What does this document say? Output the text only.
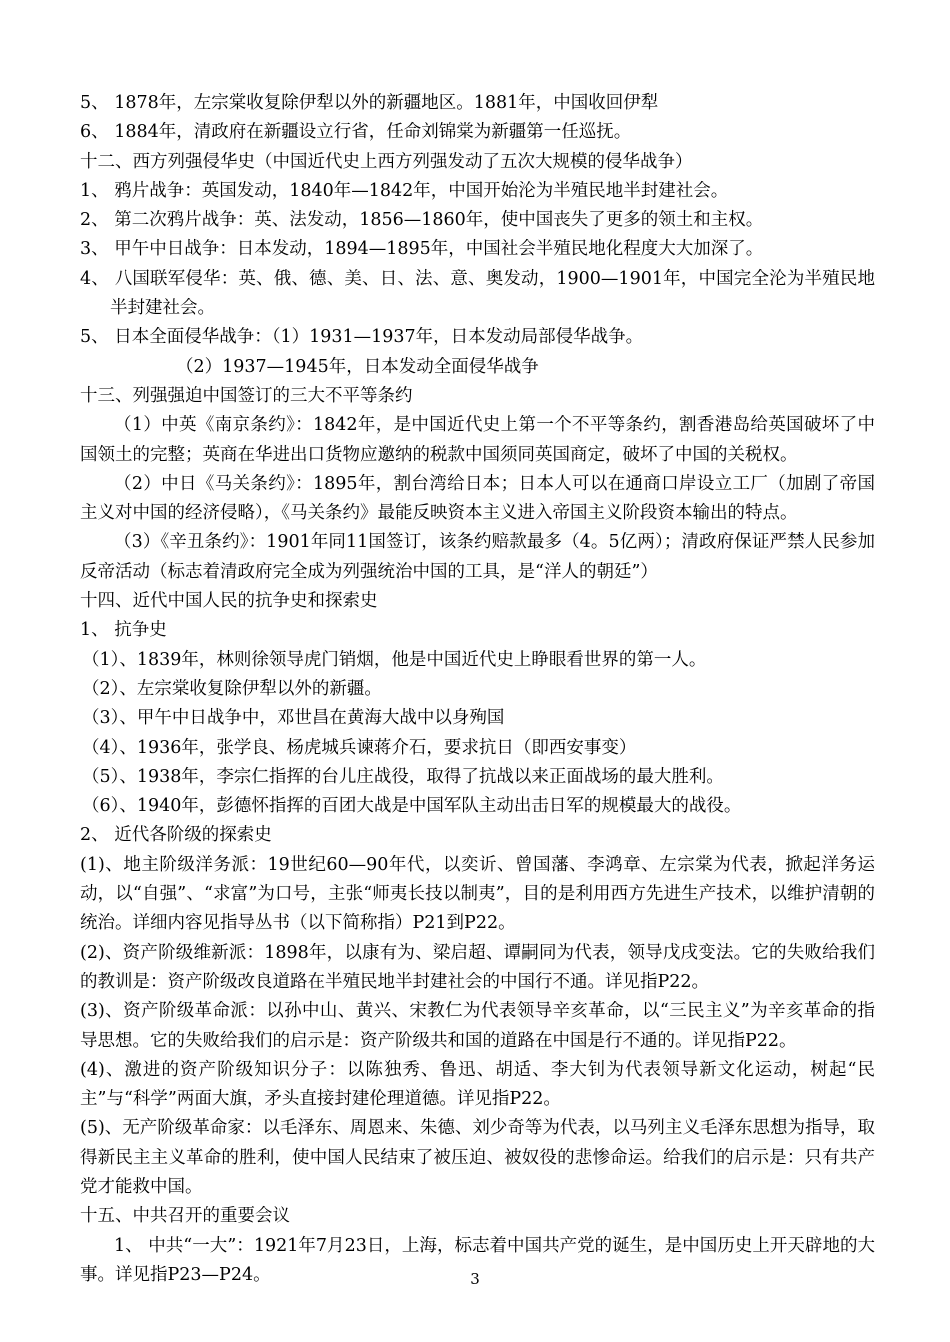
5、 1878年，左宗棠收复除伊犁以外的新疆地区。1881年，中国收回伊犁
6、 1884年，清政府在新疆设立行省，任命刘锦棠为新疆第一任巡抚。
十二、西方列强侵华史（中国近代史上西方列强发动了五次大规模的侵华战争）
1、 鸦片战争：英国发动，1840年—1842年，中国开始沦为半殖民地半封建社会。
2、 第二次鸦片战争：英、法发动，1856—1860年，使中国丧失了更多的领土和主权。
3、 甲午中日战争：日本发动，1894—1895年，中国社会半殖民地化程度大大加深了。
4、 八国联军侵华：英、俄、德、美、日、法、意、奥发动，1900—1901年，中国完全沦为半殖民地半封建社会。
5、 日本全面侵华战争：（1）1931—1937年，日本发动局部侵华战争。
（2）1937—1945年，日本发动全面侵华战争
十三、列强强迫中国签订的三大不平等条约
（1）中英《南京条约》：1842年，是中国近代史上第一个不平等条约，割香港岛给英国破坏了中国领土的完整；英商在华进出口货物应邀纳的税款中国须同英国商定，破坏了中国的关税权。
（2）中日《马关条约》：1895年，割台湾给日本；日本人可以在通商口岸设立工厂（加剧了帝国主义对中国的经济侵略），《马关条约》最能反映资本主义进入帝国主义阶段资本输出的特点。
（3）《辛丑条约》：1901年同11国签订，该条约赔款最多（4。5亿两）；清政府保证严禁人民参加反帝活动（标志着清政府完全成为列强统治中国的工具，是“洋人的朝廷”）
十四、近代中国人民的抗争史和探索史
1、 抗争史
（1）、1839年，林则徐领导虎门销烟，他是中国近代史上睁眼看世界的第一人。
（2）、左宗棠收复除伊犁以外的新疆。
（3）、甲午中日战争中，邓世昌在黄海大战中以身殉国
（4）、1936年，张学良、杨虎城兵谏蒋介石，要求抗日（即西安事变）
（5）、1938年，李宗仁指挥的台儿庄战役，取得了抗战以来正面战场的最大胜利。
（6）、1940年，彭德怀指挥的百团大战是中国军队主动出击日军的规模最大的战役。
2、 近代各阶级的探索史
(1)、地主阶级洋务派：19世纪60—90年代，以奕䜣、曾国藩、李鸿章、左宗棠为代表，掀起洋务运动，以“自强”、“求富”为口号，主张“师夷长技以制夷”，目的是利用西方先进生产技术，以维护清朝的统治。详细内容见指导丛书（以下简称指）P21到P22。
(2)、资产阶级维新派：1898年，以康有为、梁启超、谭嗣同为代表，领导戊戌变法。它的失败给我们的教训是：资产阶级改良道路在半殖民地半封建社会的中国行不通。详见指P22。
(3)、资产阶级革命派：以孙中山、黄兴、宋教仁为代表领导辛亥革命，以“三民主义”为辛亥革命的指导思想。它的失败给我们的启示是：资产阶级共和国的道路在中国是行不通的。详见指P22。
(4)、激进的资产阶级知识分子：以陈独秀、鲁迅、胡适、李大钊为代表领导新文化运动，树起“民主”与“科学”两面大旗，矛头直接封建伦理道德。详见指P22。
(5)、无产阶级革命家：以毛泽东、周恩来、朱德、刘少奇等为代表，以马列主义毛泽东思想为指导，取得新民主主义革命的胜利，使中国人民结束了被压迫、被奴役的悲惨命运。给我们的启示是：只有共产党才能救中国。
十五、中共召开的重要会议
1、 中共“一大”：1921年7月23日，上海，标志着中国共产党的诞生，是中国历史上开天辟地的大事。详见指P23—P24。	3
